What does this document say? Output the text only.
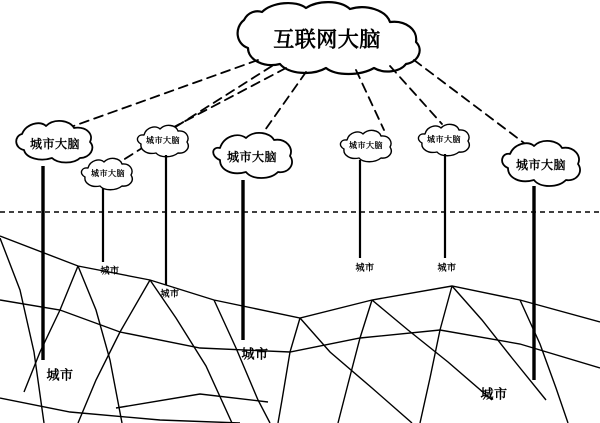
互联网大脑
城市大脑
城市大脑
城市大脑
城市大脑
城市大脑
城市大脑
城市大脑
城市
城市
城市
城市
城市	城市
城市
